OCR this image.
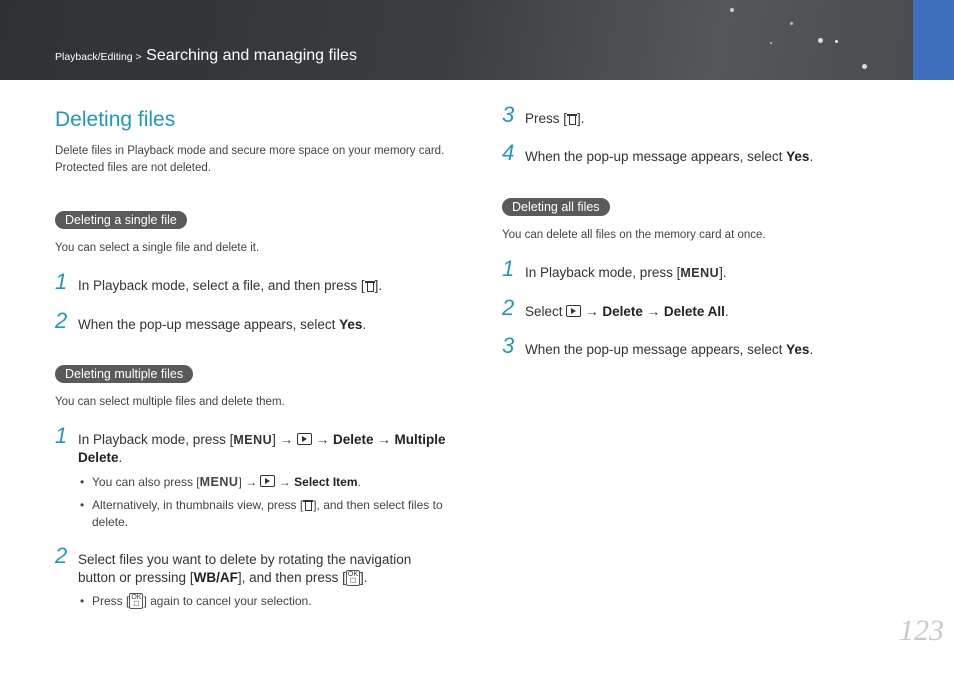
Playback/Editing > Searching and managing files
Deleting files
Delete files in Playback mode and secure more space on your memory card. Protected files are not deleted.
Deleting a single file
You can select a single file and delete it.
1 In Playback mode, select a file, and then press [ ].
2 When the pop-up message appears, select Yes.
Deleting multiple files
You can select multiple files and delete them.
1 In Playback mode, press [MENU] → → Delete → Multiple Delete.
• You can also press [MENU] → → Select Item.
• Alternatively, in thumbnails view, press [ ], and then select files to delete.
2 Select files you want to delete by rotating the navigation button or pressing [WB/AF], and then press [ OK
☐ ].
• Press [ OK
☐ ] again to cancel your selection.
3 Press [ ].
4 When the pop-up message appears, select Yes.
Deleting all files
You can delete all files on the memory card at once.
1 In Playback mode, press [MENU].
2 Select → Delete → Delete All.
3 When the pop-up message appears, select Yes.
123
